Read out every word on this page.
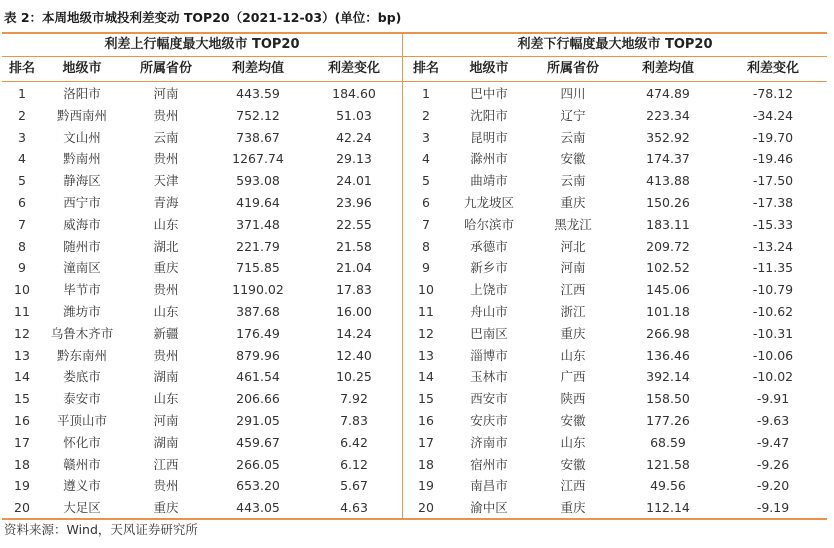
表 2：本周地级市城投利差变动 TOP20（2021-12-03）(单位：bp)
利差上行幅度最大地级市 TOP20
排名	地级市	所属省份	利差均值	利差变化
1	洛阳市	河南	443.59	184.60
2	黔西南州	贵州	752.12	51.03
3	文山州	云南	738.67	42.24
4	黔南州	贵州	1267.74	29.13
5	静海区	天津	593.08	24.01
6	西宁市	青海	419.64	23.96
7	威海市	山东	371.48	22.55
8	随州市	湖北	221.79	21.58
9	潼南区	重庆	715.85	21.04
10	毕节市	贵州	1190.02	17.83
11	潍坊市	山东	387.68	16.00
12	乌鲁木齐市	新疆	176.49	14.24
13	黔东南州	贵州	879.96	12.40
14	娄底市	湖南	461.54	10.25
15	泰安市	山东	206.66	7.92
16	平顶山市	河南	291.05	7.83
17	怀化市	湖南	459.67	6.42
18	赣州市	江西	266.05	6.12
19	遵义市	贵州	653.20	5.67
20	大足区	重庆	443.05	4.63
利差下行幅度最大地级市 TOP20
排名	地级市	所属省份	利差均值	利差变化
1	巴中市	四川	474.89	-78.12
2	沈阳市	辽宁	223.34	-34.24
3	昆明市	云南	352.92	-19.70
4	滁州市	安徽	174.37	-19.46
5	曲靖市	云南	413.88	-17.50
6	九龙坡区	重庆	150.26	-17.38
7	哈尔滨市	黑龙江	183.11	-15.33
8	承德市	河北	209.72	-13.24
9	新乡市	河南	102.52	-11.35
10	上饶市	江西	145.06	-10.79
11	舟山市	浙江	101.18	-10.62
12	巴南区	重庆	266.98	-10.31
13	淄博市	山东	136.46	-10.06
14	玉林市	广西	392.14	-10.02
15	西安市	陕西	158.50	-9.91
16	安庆市	安徽	177.26	-9.63
17	济南市	山东	68.59	-9.47
18	宿州市	安徽	121.58	-9.26
19	南昌市	江西	49.56	-9.20
20	渝中区	重庆	112.14	-9.19
资料来源：Wind，天风证券研究所
